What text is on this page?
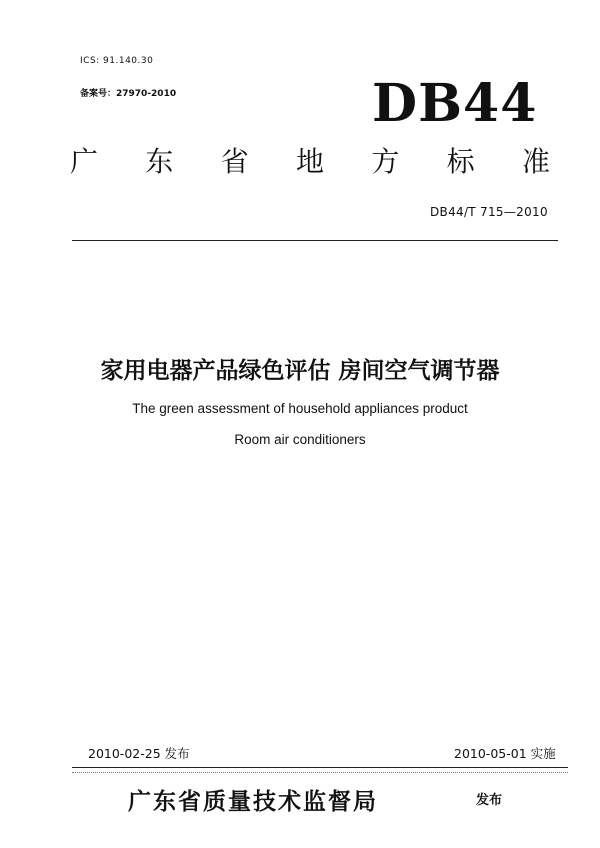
ICS: 91.140.30
备案号：27970-2010	DB44
广 东 省 地 方 标 准
DB44/T 715—2010
家用电器产品绿色评估 房间空气调节器
The green assessment of household appliances product
Room air conditioners
2010-02-25 发布	2010-05-01 实施
广东省质量技术监督局	发布
